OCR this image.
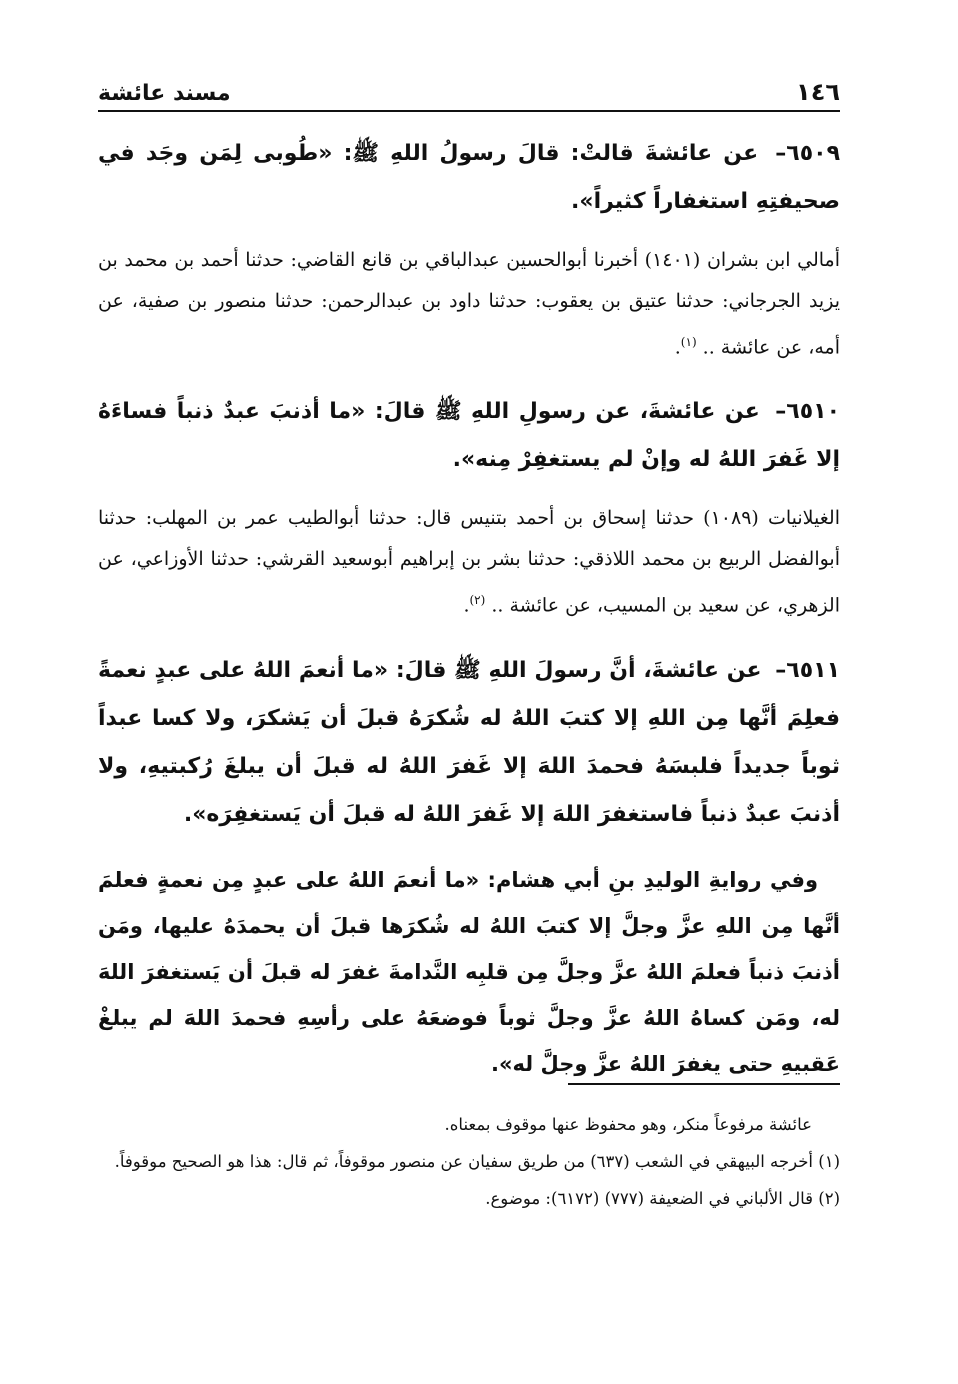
١٤٦
مسند عائشة

٦٥٠٩– عن عائشةَ قالتْ: قالَ رسولُ اللهِ ﷺ: «طُوبى لِمَن وجَد في صحيفتِهِ استغفاراً كثيراً».

أمالي ابن بشران (١٤٠١) أخبرنا أبوالحسين عبدالباقي بن قانع القاضي: حدثنا أحمد بن محمد بن يزيد الجرجاني: حدثنا عتيق بن يعقوب: حدثنا داود بن عبدالرحمن: حدثنا منصور بن صفية، عن أمه، عن عائشة .. $^{(١)}$.

٦٥١٠– عن عائشةَ، عن رسولِ اللهِ ﷺ قالَ: «ما أذنبَ عبدٌ ذنباً فساءَهُ إلا غَفرَ اللهُ له وإنْ لم يستغفِرْ مِنه».

الغيلانيات (١٠٨٩) حدثنا إسحاق بن أحمد بتنيس قال: حدثنا أبوالطيب عمر بن المهلب: حدثنا أبوالفضل الربيع بن محمد اللاذقي: حدثنا بشر بن إبراهيم أبوسعيد القرشي: حدثنا الأوزاعي، عن الزهري، عن سعيد بن المسيب، عن عائشة .. $^{(٢)}$.

٦٥١١– عن عائشةَ، أنَّ رسولَ اللهِ ﷺ قالَ: «ما أنعمَ اللهُ على عبدٍ نعمةً فعلِمَ أنَّها مِن اللهِ إلا كتبَ اللهُ له شُكرَهُ قبلَ أن يَشكرَ، ولا كسا عبداً ثوباً جديداً فلبسَهُ فحمدَ اللهَ إلا غَفرَ اللهُ له قبلَ أن يبلغَ رُكبتيهِ، ولا أذنبَ عبدٌ ذنباً فاستغفرَ اللهَ إلا غَفرَ اللهُ له قبلَ أن يَستغفِرَه».

وفي روايةِ الوليدِ بنِ أبي هشام: «ما أنعمَ اللهُ على عبدٍ مِن نعمةٍ فعلمَ أنَّها مِن اللهِ عزَّ وجلَّ إلا كتبَ اللهُ له شُكرَها قبلَ أن يحمدَهُ عليها، ومَن أذنبَ ذنباً فعلمَ اللهُ عزَّ وجلَّ مِن قلبِه النَّدامةَ غفرَ له قبلَ أن يَستغفرَ اللهَ له، ومَن كساهُ اللهُ عزَّ وجلَّ ثوباً فوضعَهُ على رأسِهِ فحمدَ اللهَ لم يبلغْ عَقبيهِ حتى يغفرَ اللهُ عزَّ وجلَّ له».

عائشة مرفوعاً منكر، وهو محفوظ عنها موقوف بمعناه.

(١) أخرجه البيهقي في الشعب (٦٣٧) من طريق سفيان عن منصور موقوفاً، ثم قال: هذا هو الصحيح موقوفاً.

(٢) قال الألباني في الضعيفة (٧٧٧) (٦١٧٢): موضوع.
